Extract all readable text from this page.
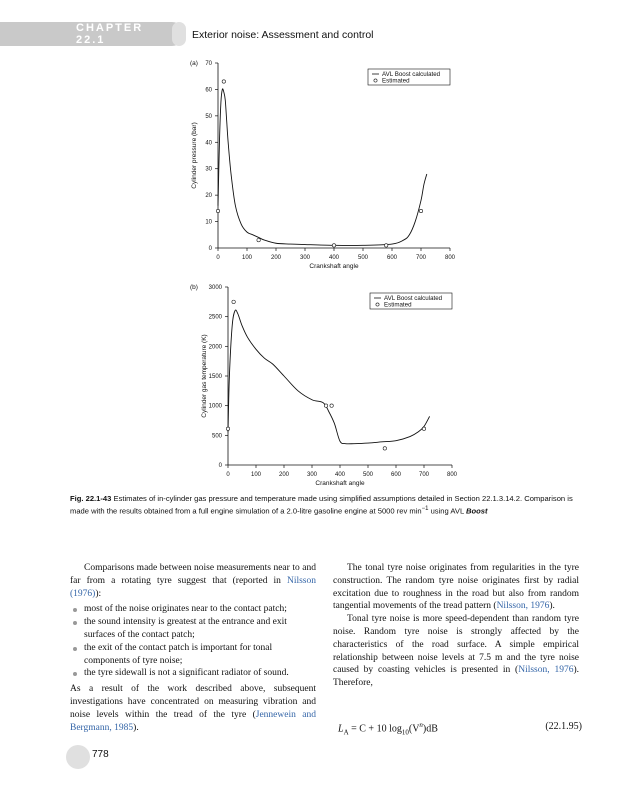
CHAPTER 22.1	Exterior noise: Assessment and control
0	100	200	300	400	500	600	700	800
0
10
20
30
40
50
60
70
(a)
Crankshaft angle
Cylinder pressure (bar)
AVL Boost calculated
Estimated
0	100	200	300	400	500	600	700	800
0
500
1000
1500
2000
2500
3000
(b)
Crankshaft angle
Cylinder gas temperature (K)
AVL Boost calculated
Estimated
Fig. 22.1-43 Estimates of in-cylinder gas pressure and temperature made using simplified assumptions detailed in Section 22.1.3.14.2. Comparison is made with the results obtained from a full engine simulation of a 2.0-litre gasoline engine at 5000 rev $\min^{-1} using$ AVL Boost

Comparisons made between noise measurements near to and far from a rotating tyre suggest that (reported in Nilsson (1976)):

most of the noise originates near to the contact patch;
the sound intensity is greatest at the entrance and exit surfaces of the contact patch;
the exit of the contact patch is important for tonal components of tyre noise;
the tyre sidewall is not a significant radiator of sound.

As a result of the work described above, subsequent investigations have concentrated on measuring vibration and noise levels within the tread of the tyre (Jennewein and Bergmann, 1985).

The tonal tyre noise originates from regularities in the tyre construction. The random tyre noise originates first by radial excitation due to roughness in the road but also from random tangential movements of the tread pattern (Nilsson, 1976).

Tonal tyre noise is more speed-dependent than random tyre noise. Random tyre noise is strongly affected by the characteristics of the road surface. A simple empirical relationship between noise levels at 7.5 m and the tyre noise caused by coasting vehicles is presented in (Nilsson, 1976). Therefore,

$L_A = C + 10$ $\log_{10}(V^n)dB$	(22.1.95)
778
